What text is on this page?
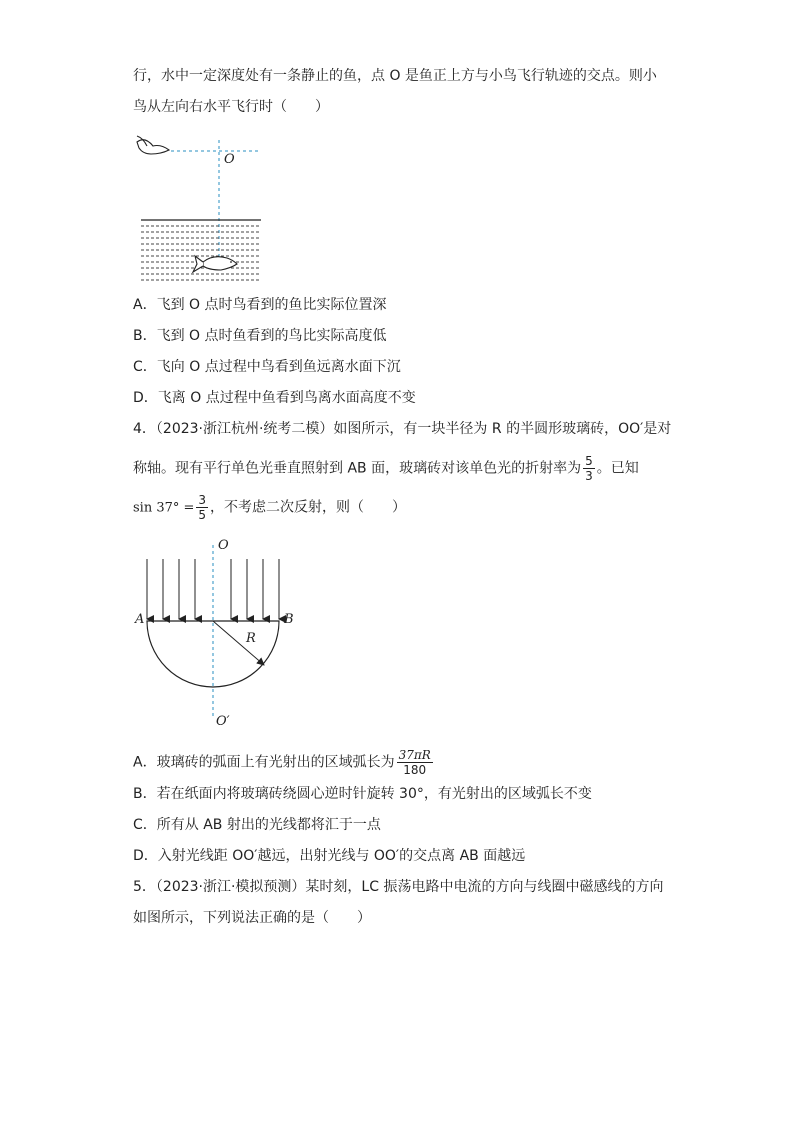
行，水中一定深度处有一条静止的鱼，点 O 是鱼正上方与小鸟飞行轨迹的交点。则小
鸟从左向右水平飞行时（　　）
O
A．飞到 O 点时鸟看到的鱼比实际位置深
B．飞到 O 点时鱼看到的鸟比实际高度低
C．飞向 O 点过程中鸟看到鱼远离水面下沉
D．飞离 O 点过程中鱼看到鸟离水面高度不变
4．（2023·浙江杭州·统考二模）如图所示，有一块半径为 R 的半圆形玻璃砖，OO′是对
称轴。现有平行单色光垂直照射到 AB 面，玻璃砖对该单色光的折射率为 $\frac{5}{3}$ 。已知
$\sin 37^\circ = \frac{3}{5}$ ，不考虑二次反射，则（　　）
O
R
A	B
O′
A．玻璃砖的弧面上有光射出的区域弧长为 $\frac{37\pi R}{180}$
B．若在纸面内将玻璃砖绕圆心逆时针旋转 30°，有光射出的区域弧长不变
C．所有从 AB 射出的光线都将汇于一点
D．入射光线距 OO′越远，出射光线与 OO′的交点离 AB 面越远
5．（2023·浙江·模拟预测）某时刻，LC 振荡电路中电流的方向与线圈中磁感线的方向
如图所示，下列说法正确的是（　　）
